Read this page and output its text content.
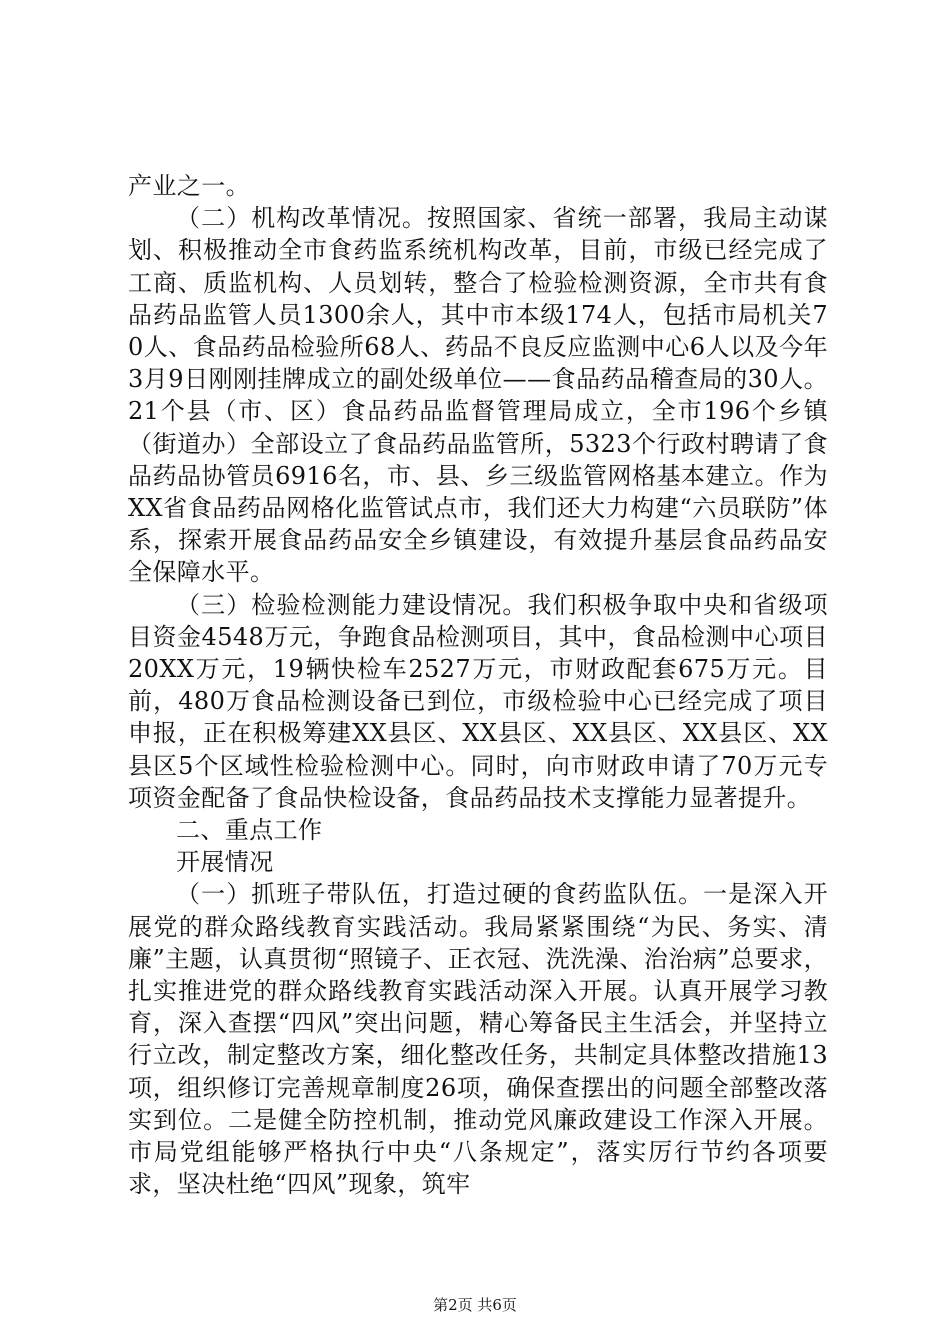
产业之一。

（二）机构改革情况。按照国家、省统一部署，我局主动谋划、积极推动全市食药监系统机构改革，目前，市级已经完成了工商、质监机构、人员划转，整合了检验检测资源，全市共有食品药品监管人员1300余人，其中市本级174人，包括市局机关70人、食品药品检验所68人、药品不良反应监测中心6人以及今年3月9日刚刚挂牌成立的副处级单位——食品药品稽查局的30人。21个县（市、区）食品药品监督管理局成立，全市196个乡镇（街道办）全部设立了食品药品监管所，5323个行政村聘请了食品药品协管员6916名，市、县、乡三级监管网格基本建立。作为XX省食品药品网格化监管试点市，我们还大力构建“六员联防”体系，探索开展食品药品安全乡镇建设，有效提升基层食品药品安全保障水平。

（三）检验检测能力建设情况。我们积极争取中央和省级项目资金4548万元，争跑食品检测项目，其中，食品检测中心项目20XX万元，19辆快检车2527万元，市财政配套675万元。目前，480万食品检测设备已到位，市级检验中心已经完成了项目申报，正在积极筹建XX县区、XX县区、XX县区、XX县区、XX县区5个区域性检验检测中心。同时，向市财政申请了70万元专项资金配备了食品快检设备，食品药品技术支撑能力显著提升。

二、重点工作

开展情况

（一）抓班子带队伍，打造过硬的食药监队伍。一是深入开展党的群众路线教育实践活动。我局紧紧围绕“为民、务实、清廉”主题，认真贯彻“照镜子、正衣冠、洗洗澡、治治病”总要求，扎实推进党的群众路线教育实践活动深入开展。认真开展学习教育，深入查摆“四风”突出问题，精心筹备民主生活会，并坚持立行立改，制定整改方案，细化整改任务，共制定具体整改措施13项，组织修订完善规章制度26项，确保查摆出的问题全部整改落实到位。二是健全防控机制，推动党风廉政建设工作深入开展。市局党组能够严格执行中央“八条规定”，落实厉行节约各项要求，坚决杜绝“四风”现象，筑牢

第2页 共6页
